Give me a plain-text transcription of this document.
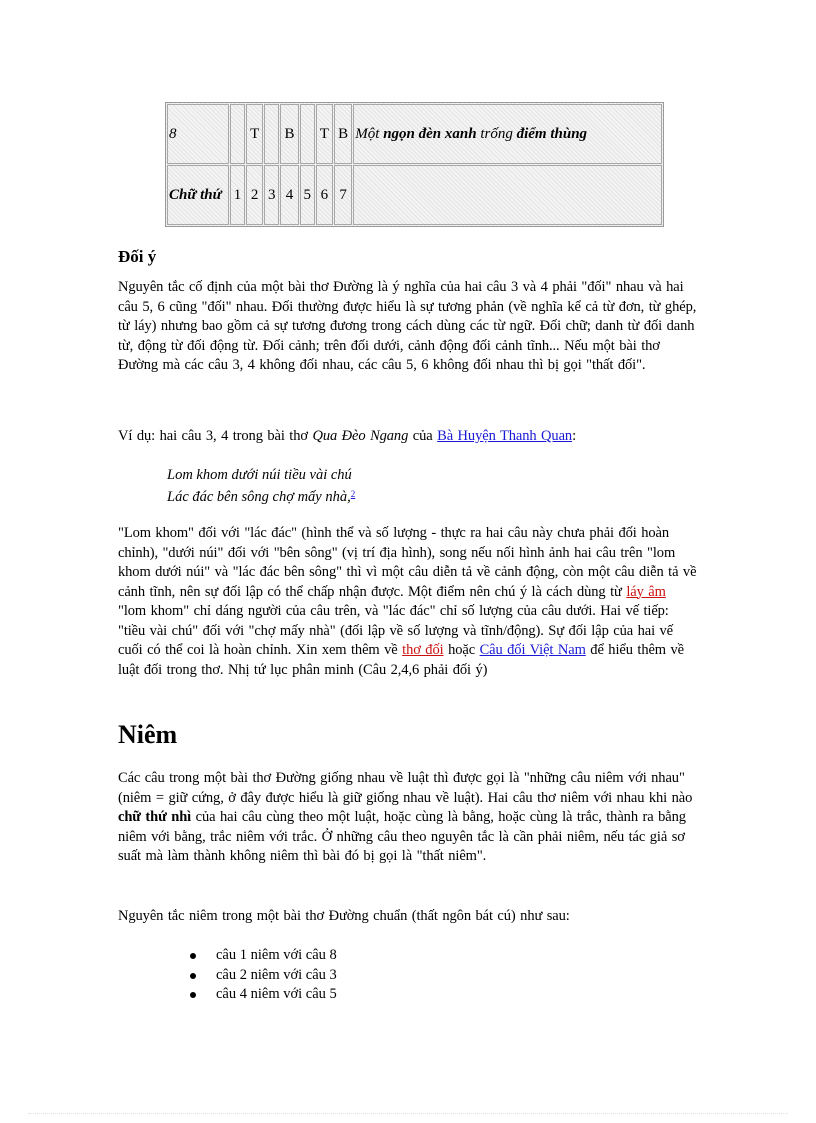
8		T		B		T	B	Một ngọn đèn xanh trống điểm thùng
Chữ thứ	1	2	3	4	5	6	7	
Đối ý

Nguyên tắc cố định của một bài thơ Đường là ý nghĩa của hai câu 3 và 4 phải "đối" nhau và hai câu 5, 6 cũng "đối" nhau. Đối thường được hiểu là sự tương phản (về nghĩa kể cả từ đơn, từ ghép, từ láy) nhưng bao gồm cả sự tương đương trong cách dùng các từ ngữ. Đối chữ; danh từ đối danh từ, động từ đối động từ. Đối cảnh; trên đối dưới, cảnh động đối cảnh tĩnh... Nếu một bài thơ Đường mà các câu 3, 4 không đối nhau, các câu 5, 6 không đối nhau thì bị gọi "thất đối".

Ví dụ: hai câu 3, 4 trong bài thơ Qua Đèo Ngang của Bà Huyện Thanh Quan:

Lom khom dưới núi tiều vài chú
Lác đác bên sông chợ mấy nhà,$^2$

"Lom khom" đối với "lác đác" (hình thể và số lượng - thực ra hai câu này chưa phải đối hoàn chỉnh), "dưới núi" đối với "bên sông" (vị trí địa hình), song nếu nối hình ảnh hai câu trên "lom khom dưới núi" và "lác đác bên sông" thì vì một câu diễn tả về cảnh động, còn một câu diễn tả về cảnh tĩnh, nên sự đối lập có thể chấp nhận được. Một điểm nên chú ý là cách dùng từ láy âm "lom khom" chỉ dáng người của câu trên, và "lác đác" chỉ số lượng của câu dưới. Hai vế tiếp: "tiều vài chú" đối với "chợ mấy nhà" (đối lập về số lượng và tĩnh/động). Sự đối lập của hai vế cuối có thể coi là hoàn chỉnh. Xin xem thêm về thơ đối hoặc Câu đối Việt Nam để hiểu thêm về luật đối trong thơ. Nhị tứ lục phân minh (Câu 2,4,6 phải đối ý)

Niêm

Các câu trong một bài thơ Đường giống nhau về luật thì được gọi là "những câu niêm với nhau" (niêm = giữ cứng, ở đây được hiểu là giữ giống nhau về luật). Hai câu thơ niêm với nhau khi nào chữ thứ nhì của hai câu cùng theo một luật, hoặc cùng là bằng, hoặc cùng là trắc, thành ra bằng niêm với bằng, trắc niêm với trắc. Ở những câu theo nguyên tắc là cần phải niêm, nếu tác giả sơ suất mà làm thành không niêm thì bài đó bị gọi là "thất niêm".

Nguyên tắc niêm trong một bài thơ Đường chuẩn (thất ngôn bát cú) như sau:

câu 1 niêm với câu 8
câu 2 niêm với câu 3
câu 4 niêm với câu 5
